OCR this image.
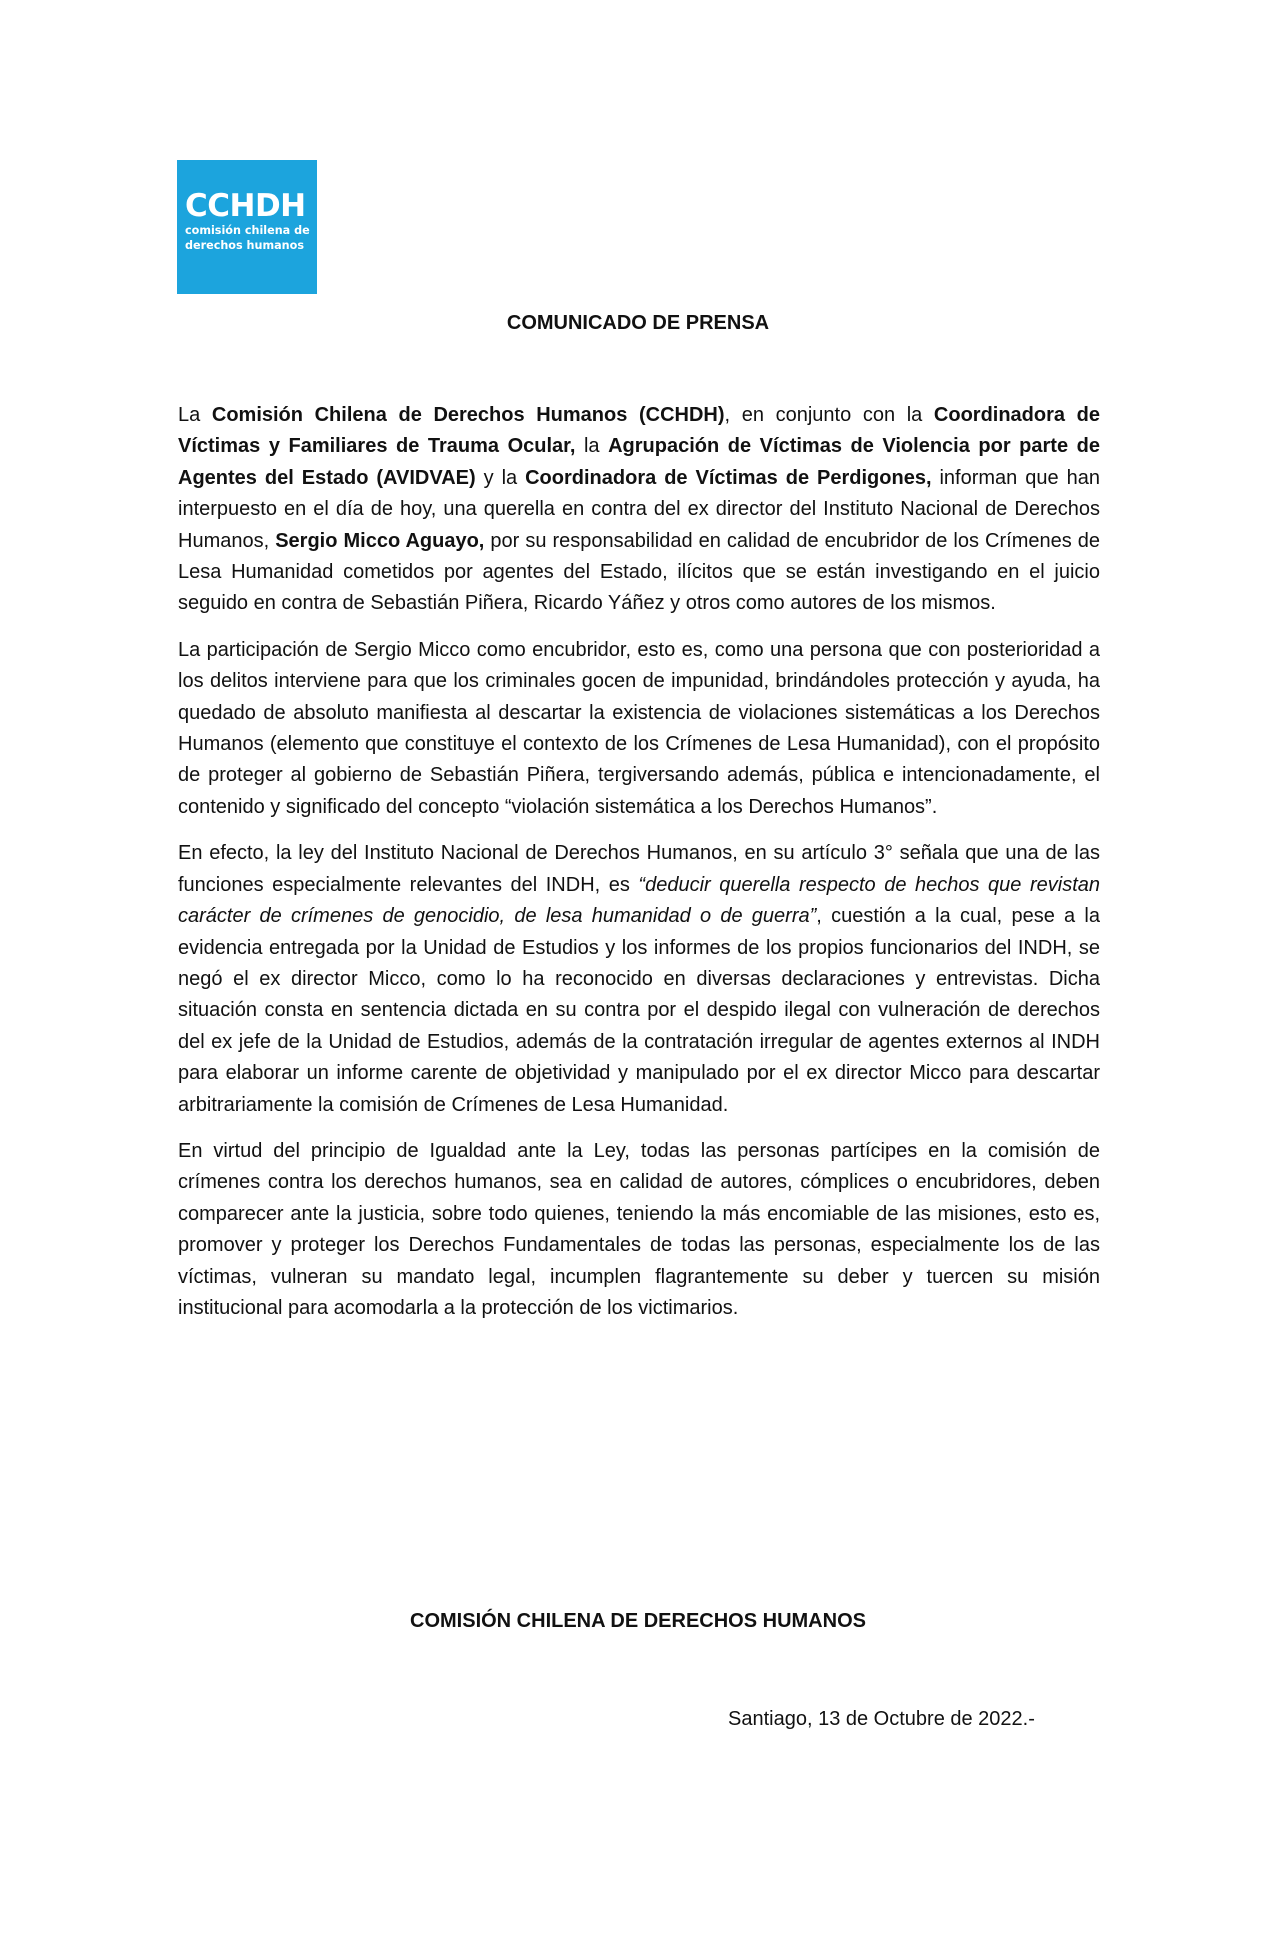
CCHDH
comisión chilena de
derechos humanos
COMUNICADO DE PRENSA

La Comisión Chilena de Derechos Humanos (CCHDH), en conjunto con la Coordinadora de Víctimas y Familiares de Trauma Ocular, la Agrupación de Víctimas de Violencia por parte de Agentes del Estado (AVIDVAE) y la Coordinadora de Víctimas de Perdigones, informan que han interpuesto en el día de hoy, una querella en contra del ex director del Instituto Nacional de Derechos Humanos, Sergio Micco Aguayo, por su responsabilidad en calidad de encubridor de los Crímenes de Lesa Humanidad cometidos por agentes del Estado, ilícitos que se están investigando en el juicio seguido en contra de Sebastián Piñera, Ricardo Yáñez y otros como autores de los mismos.

La participación de Sergio Micco como encubridor, esto es, como una persona que con posterioridad a los delitos interviene para que los criminales gocen de impunidad, brindándoles protección y ayuda, ha quedado de absoluto manifiesta al descartar la existencia de violaciones sistemáticas a los Derechos Humanos (elemento que constituye el contexto de los Crímenes de Lesa Humanidad), con el propósito de proteger al gobierno de Sebastián Piñera, tergiversando además, pública e intencionadamente, el contenido y significado del concepto “violación sistemática a los Derechos Humanos”.

En efecto, la ley del Instituto Nacional de Derechos Humanos, en su artículo 3° señala que una de las funciones especialmente relevantes del INDH, es “deducir querella respecto de hechos que revistan carácter de crímenes de genocidio, de lesa humanidad o de guerra”, cuestión a la cual, pese a la evidencia entregada por la Unidad de Estudios y los informes de los propios funcionarios del INDH, se negó el ex director Micco, como lo ha reconocido en diversas declaraciones y entrevistas. Dicha situación consta en sentencia dictada en su contra por el despido ilegal con vulneración de derechos del ex jefe de la Unidad de Estudios, además de la contratación irregular de agentes externos al INDH para elaborar un informe carente de objetividad y manipulado por el ex director Micco para descartar arbitrariamente la comisión de Crímenes de Lesa Humanidad.

En virtud del principio de Igualdad ante la Ley, todas las personas partícipes en la comisión de crímenes contra los derechos humanos, sea en calidad de autores, cómplices o encubridores, deben comparecer ante la justicia, sobre todo quienes, teniendo la más encomiable de las misiones, esto es, promover y proteger los Derechos Fundamentales de todas las personas, especialmente los de las víctimas, vulneran su mandato legal, incumplen flagrantemente su deber y tuercen su misión institucional para acomodarla a la protección de los victimarios.

COMISIÓN CHILENA DE DERECHOS HUMANOS
Santiago, 13 de Octubre de 2022.-
